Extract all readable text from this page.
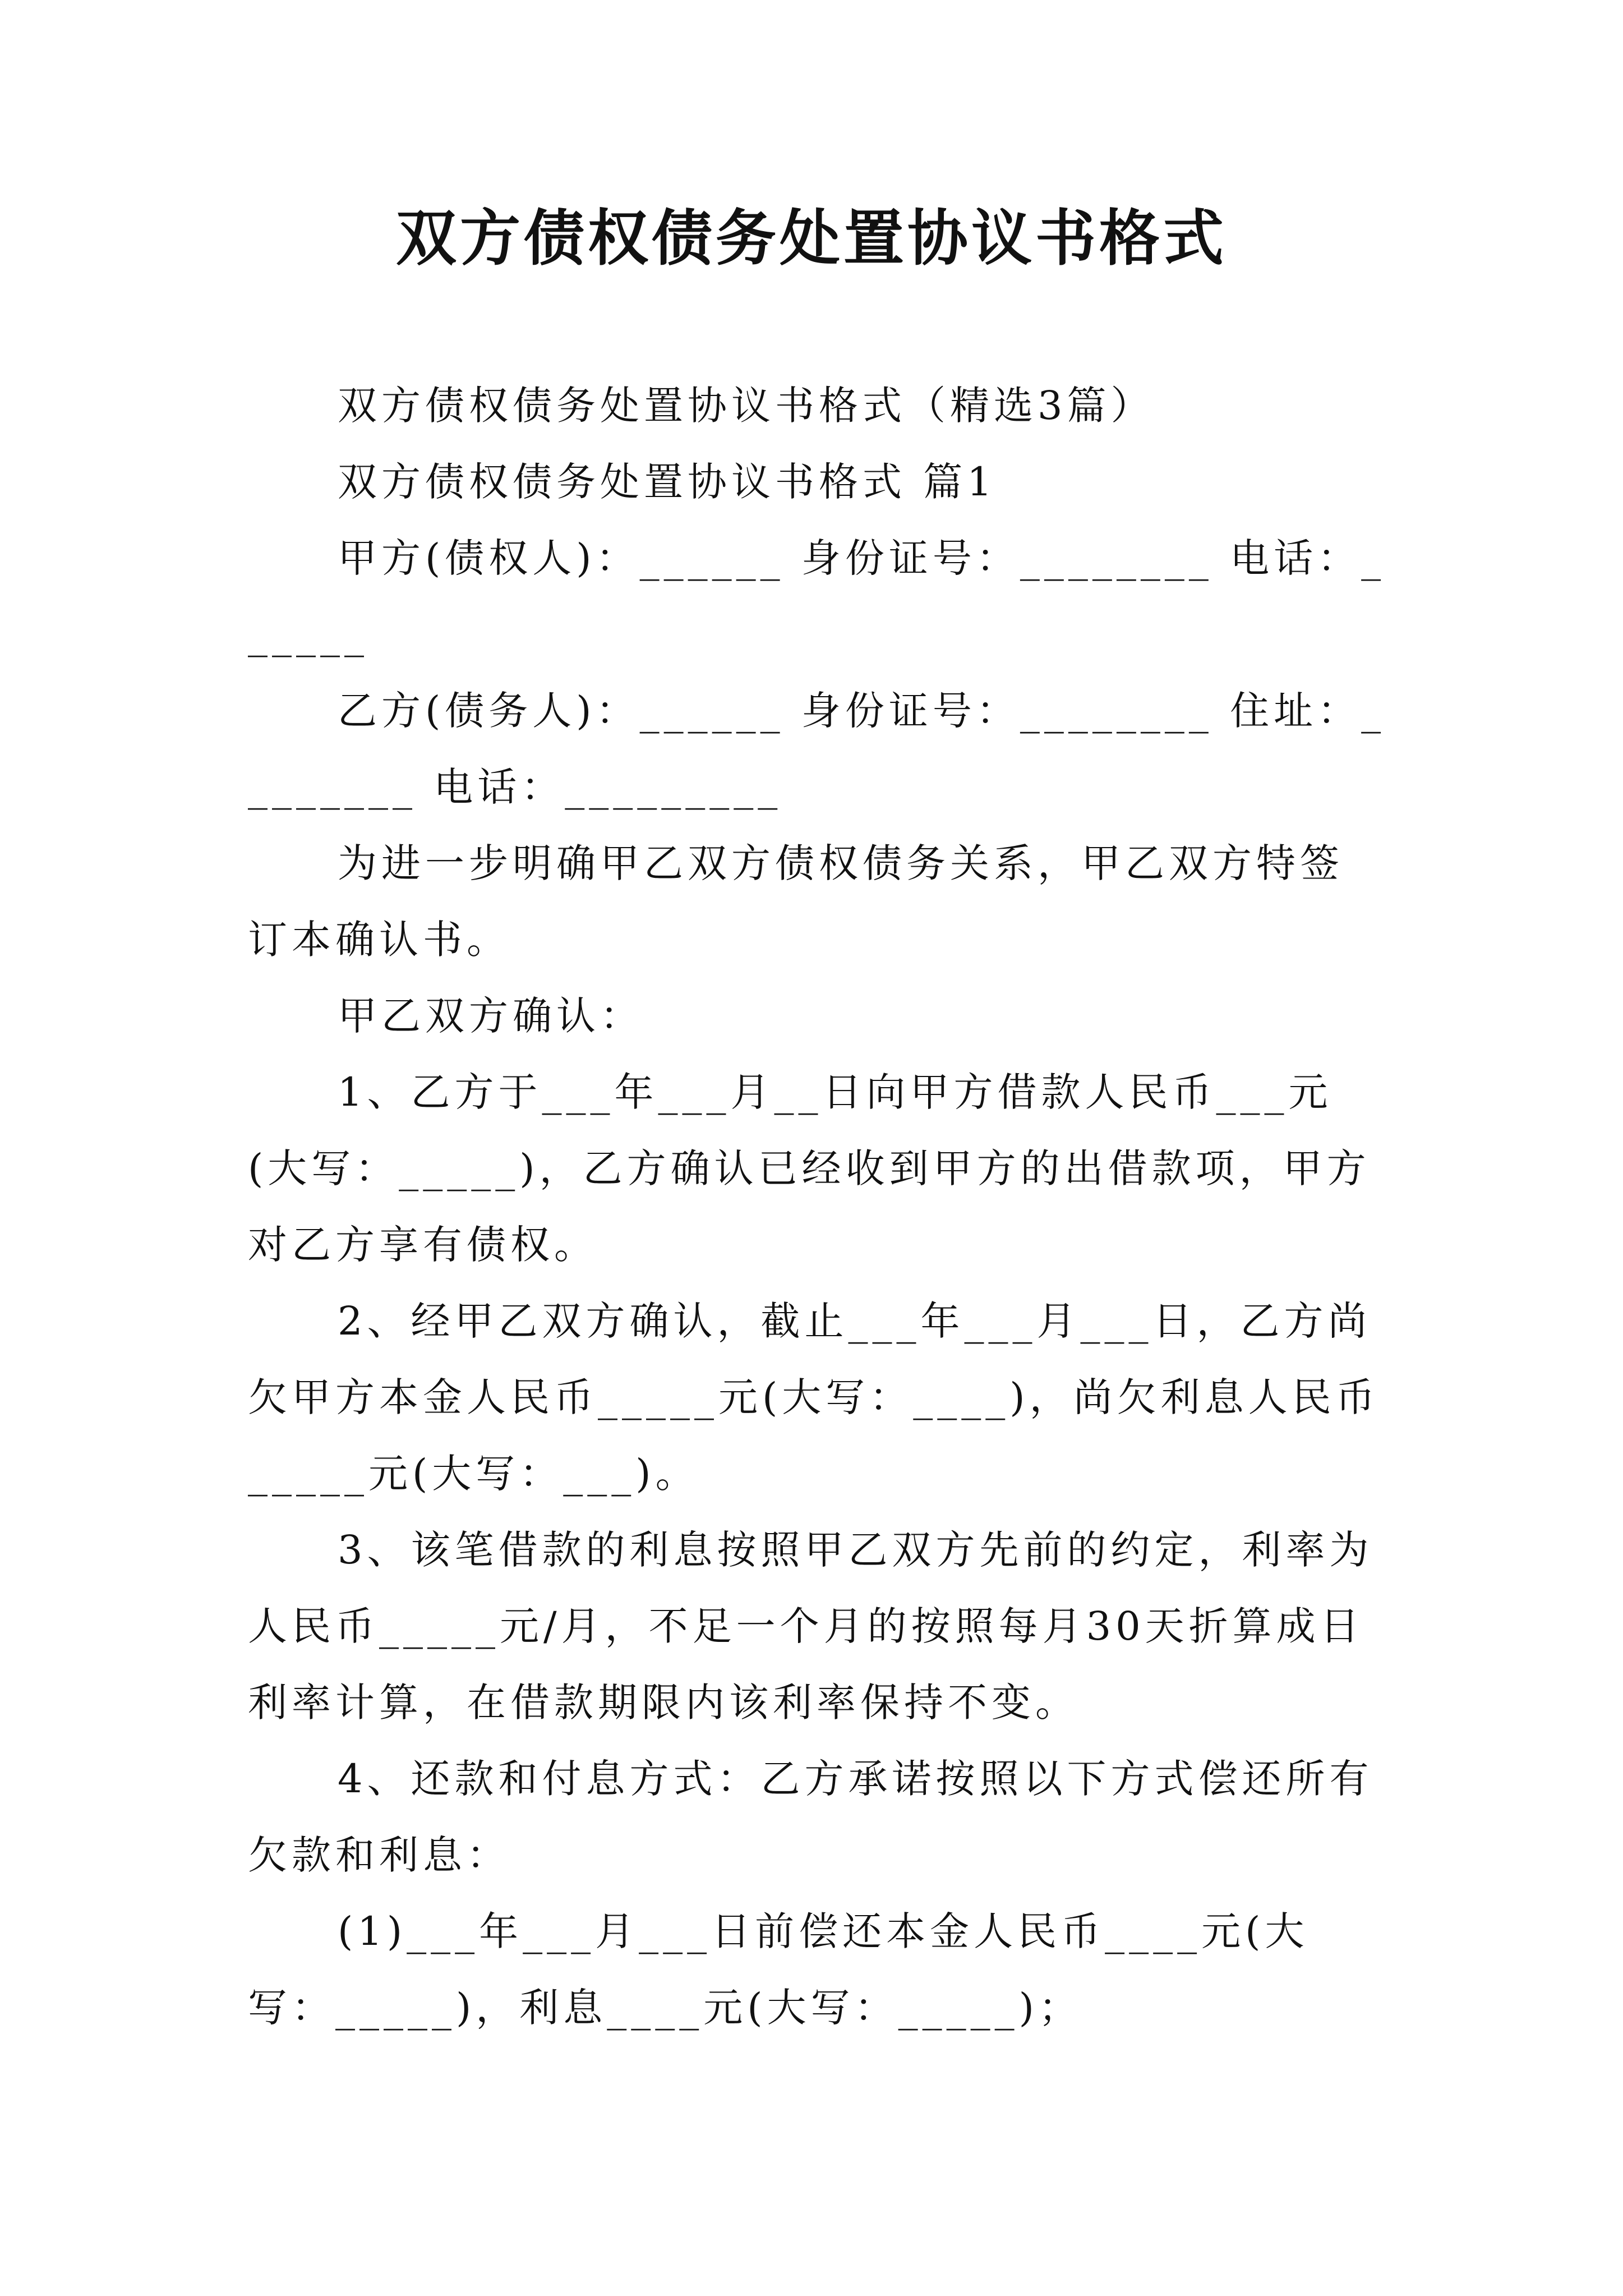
双方债权债务处置协议书格式

双方债权债务处置协议书格式（精选3篇）

双方债权债务处置协议书格式 篇1

甲方(债权人)：______ 身份证号：________ 电话：______

乙方(债务人)：______ 身份证号：________ 住址：________ 电话：_________

为进一步明确甲乙双方债权债务关系，甲乙双方特签订本确认书。

甲乙双方确认：

1、乙方于___年___月__日向甲方借款人民币___元(大写：_____)，乙方确认已经收到甲方的出借款项，甲方对乙方享有债权。

2、经甲乙双方确认，截止___年___月___日，乙方尚欠甲方本金人民币_____元(大写：____)，尚欠利息人民币_____元(大写：___)。

3、该笔借款的利息按照甲乙双方先前的约定，利率为人民币_____元/月，不足一个月的按照每月30天折算成日利率计算，在借款期限内该利率保持不变。

4、还款和付息方式：乙方承诺按照以下方式偿还所有欠款和利息：

(1)___年___月___日前偿还本金人民币____元(大写：_____)，利息____元(大写：_____)；
